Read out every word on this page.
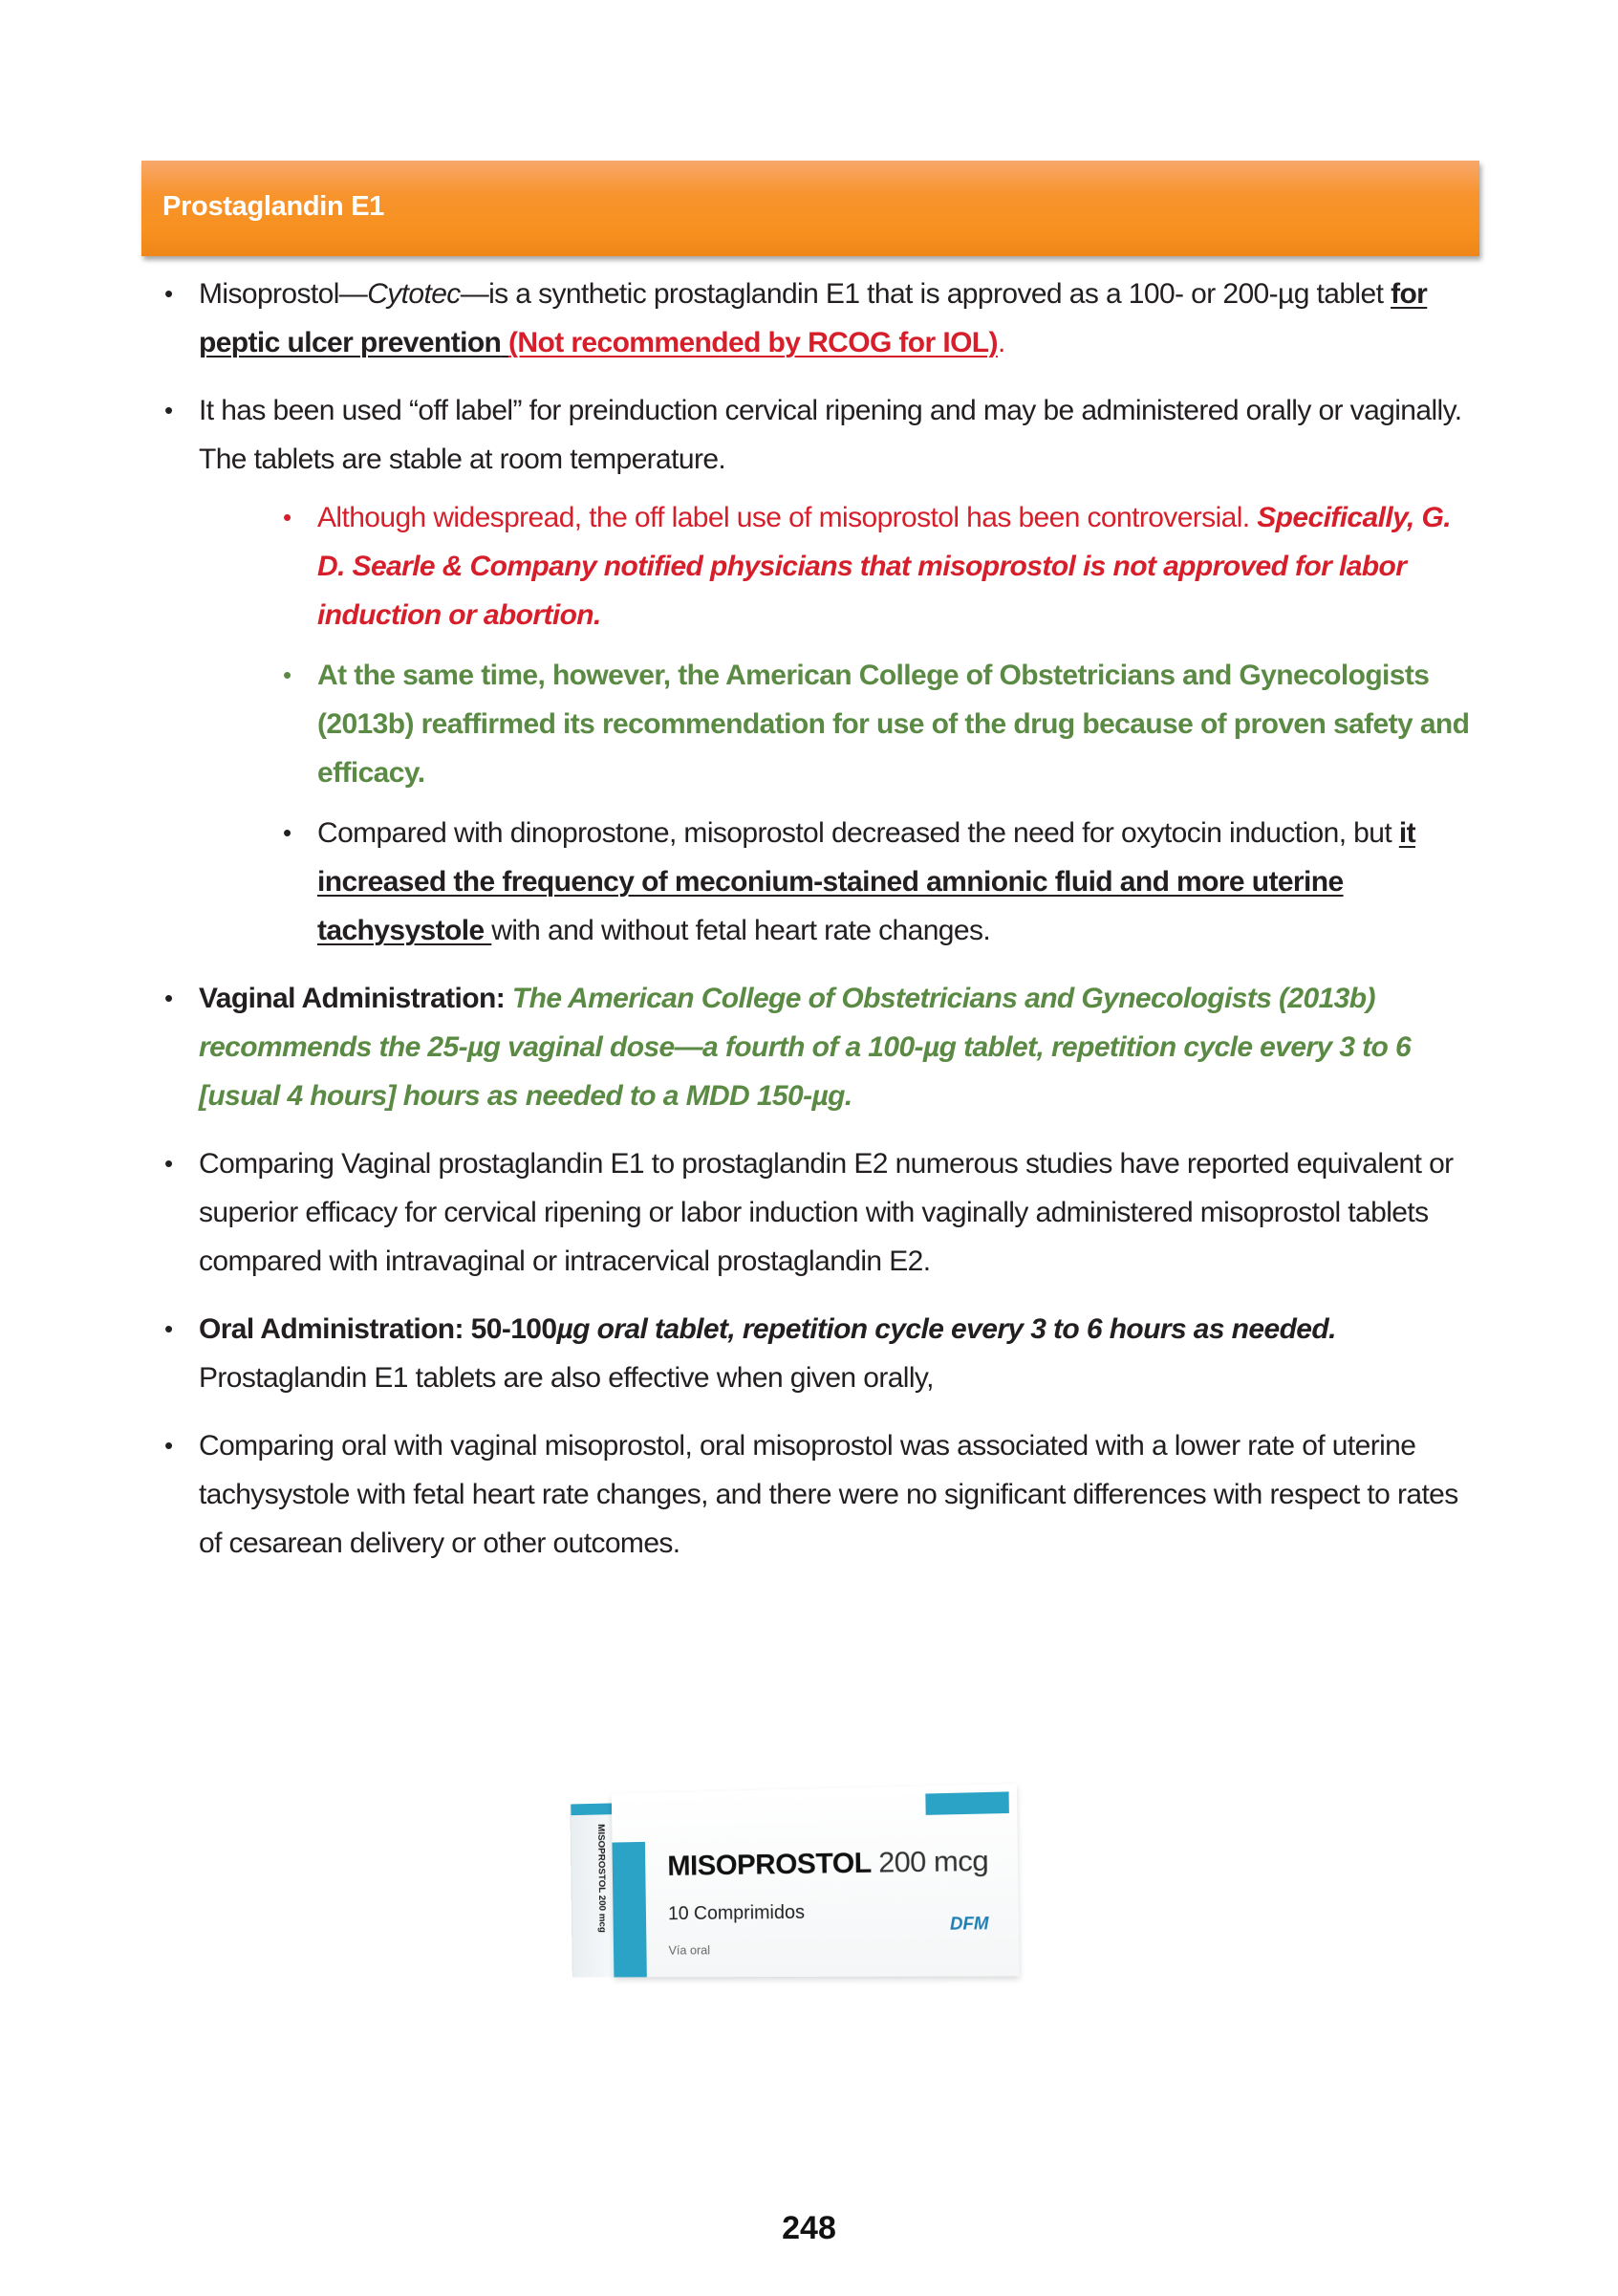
Prostaglandin E1
• Misoprostol—Cytotec—is a synthetic prostaglandin E1 that is approved as a 100- or 200-µg tablet for peptic ulcer prevention (Not recommended by RCOG for IOL).
• It has been used “off label” for preinduction cervical ripening and may be administered orally or vaginally. The tablets are stable at room temperature.
• Although widespread, the off label use of misoprostol has been controversial. Specifically, G. D. Searle & Company notified physicians that misoprostol is not approved for labor induction or abortion.
• At the same time, however, the American College of Obstetricians and Gynecologists (2013b) reaffirmed its recommendation for use of the drug because of proven safety and efficacy.
• Compared with dinoprostone, misoprostol decreased the need for oxytocin induction, but it increased the frequency of meconium-stained amnionic fluid and more uterine tachysystole with and without fetal heart rate changes.
• Vaginal Administration: The American College of Obstetricians and Gynecologists (2013b) recommends the 25-µg vaginal dose—a fourth of a 100-µg tablet, repetition cycle every 3 to 6 [usual 4 hours] hours as needed to a MDD 150-µg.
• Comparing Vaginal prostaglandin E1 to prostaglandin E2 numerous studies have reported equivalent or superior efficacy for cervical ripening or labor induction with vaginally administered misoprostol tablets compared with intravaginal or intracervical prostaglandin E2.
• Oral Administration: 50-100µg oral tablet, repetition cycle every 3 to 6 hours as needed. Prostaglandin E1 tablets are also effective when given orally,
• Comparing oral with vaginal misoprostol, oral misoprostol was associated with a lower rate of uterine tachysystole with fetal heart rate changes, and there were no significant differences with respect to rates of cesarean delivery or other outcomes.
MISOPROSTOL 200 mcg MISOPROSTOL 200 mcg
10 Comprimidos
Vía oral
DFM
248
